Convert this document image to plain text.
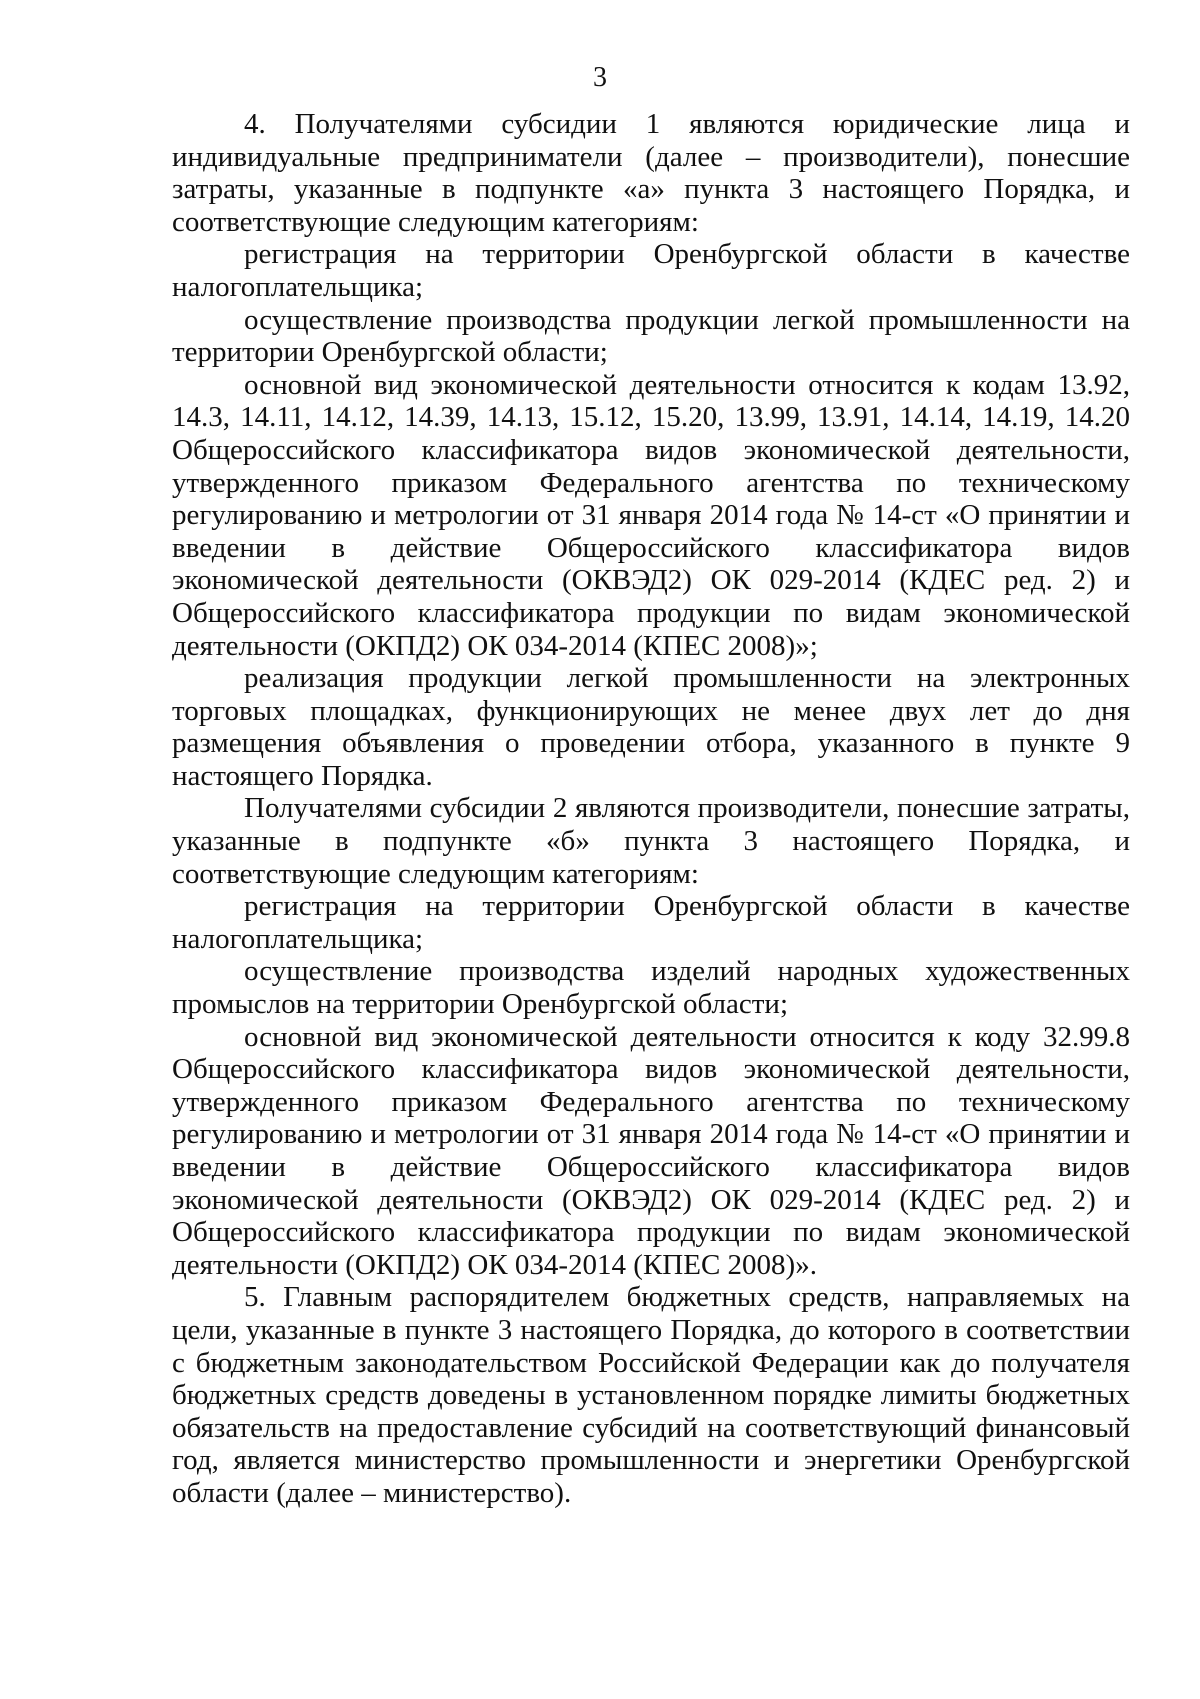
3

4. Получателями субсидии 1 являются юридические лица и индивидуальные предприниматели (далее – производители), понесшие затраты, указанные в подпункте «а» пункта 3 настоящего Порядка, и соответствующие следующим категориям:

регистрация на территории Оренбургской области в качестве налогоплательщика;

осуществление производства продукции легкой промышленности на территории Оренбургской области;

основной вид экономической деятельности относится к кодам 13.92, 14.3, 14.11, 14.12, 14.39, 14.13, 15.12, 15.20, 13.99, 13.91, 14.14, 14.19, 14.20 Общероссийского классификатора видов экономической деятельности, утвержденного приказом Федерального агентства по техническому регулированию и метрологии от 31 января 2014 года № 14-ст «О принятии и введении в действие Общероссийского классификатора видов экономической деятельности (ОКВЭД2) ОК 029-2014 (КДЕС ред. 2) и Общероссийского классификатора продукции по видам экономической деятельности (ОКПД2) ОК 034-2014 (КПЕС 2008)»;

реализация продукции легкой промышленности на электронных торговых площадках, функционирующих не менее двух лет до дня размещения объявления о проведении отбора, указанного в пункте 9 настоящего Порядка.

Получателями субсидии 2 являются производители, понесшие затраты, указанные в подпункте «б» пункта 3 настоящего Порядка, и соответствующие следующим категориям:

регистрация на территории Оренбургской области в качестве налогоплательщика;

осуществление производства изделий народных художественных промыслов на территории Оренбургской области;

основной вид экономической деятельности относится к коду 32.99.8 Общероссийского классификатора видов экономической деятельности, утвержденного приказом Федерального агентства по техническому регулированию и метрологии от 31 января 2014 года № 14-ст «О принятии и введении в действие Общероссийского классификатора видов экономической деятельности (ОКВЭД2) ОК 029-2014 (КДЕС ред. 2) и Общероссийского классификатора продукции по видам экономической деятельности (ОКПД2) ОК 034-2014 (КПЕС 2008)».

5. Главным распорядителем бюджетных средств, направляемых на цели, указанные в пункте 3 настоящего Порядка, до которого в соответствии с бюджетным законодательством Российской Федерации как до получателя бюджетных средств доведены в установленном порядке лимиты бюджетных обязательств на предоставление субсидий на соответствующий финансовый год, является министерство промышленности и энергетики Оренбургской области (далее – министерство).
